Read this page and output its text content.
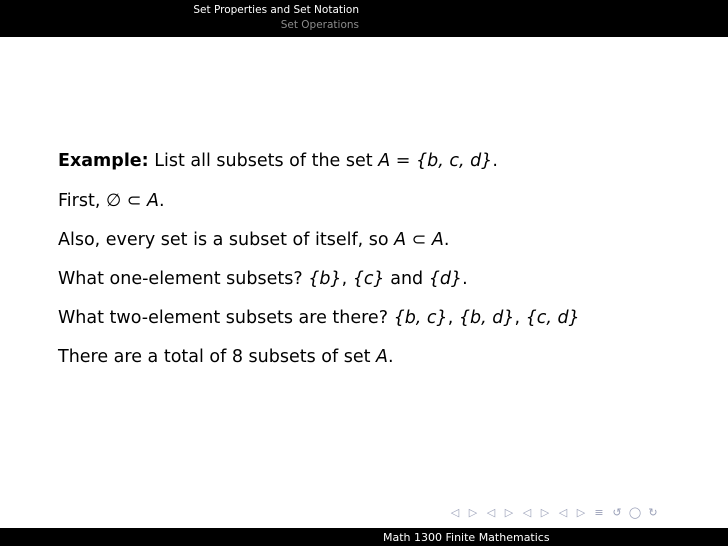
Set Properties and Set Notation
Set Operations
Example: List all subsets of the set A = {b, c, d}.
First, ∅ ⊂ A.
Also, every set is a subset of itself, so A ⊂ A.
What one-element subsets? {b}, {c} and {d}.
What two-element subsets are there? {b, c}, {b, d}, {c, d}
There are a total of 8 subsets of set A.
◁ ▷ ◁ ▷ ◁ ▷ ◁ ▷ ≡ ↺ ◯ ↻
Math 1300 Finite Mathematics
